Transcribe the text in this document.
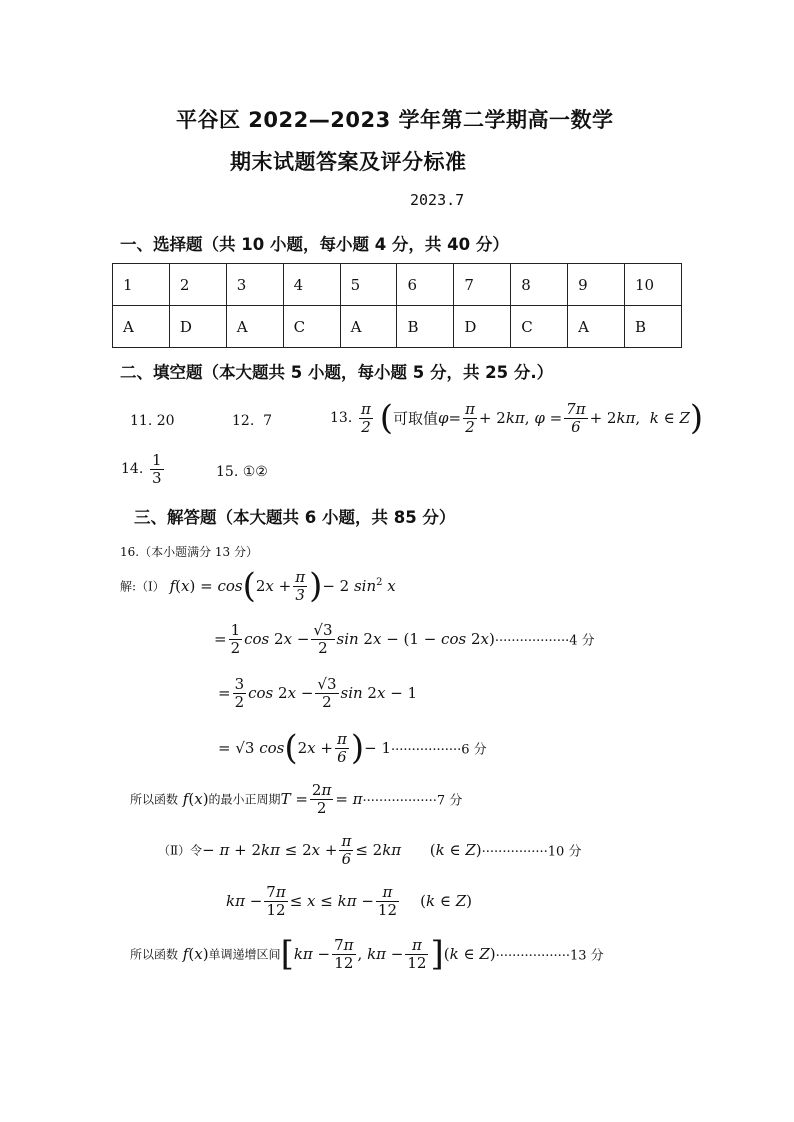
平谷区 2022—2023 学年第二学期高一数学
期末试题答案及评分标准
2023.7
一、选择题（共 10 小题，每小题 4 分，共 40 分）
1	2	3	4	5	6	7	8	9	10
A	D	A	C	A	B	D	C	A	B
二、填空题（本大题共 5 小题，每小题 5 分，共 25 分.）
11. 20	12. 7	13. $\frac{\pi}{2}$ (可取值$\varphi= \frac{\pi}{2} + 2k\pi$, $\varphi = \frac{7\pi}{6} + 2k\pi$,  k ∈ Z)
14. $\frac{1}{3}$	15. ①②
三、解答题（本大题共 6 小题，共 85 分）
16.（本小题满分 13 分）
解:（Ⅰ） $f(x) = \cos(2x + \frac{\pi}{3}$ )− 2 $\sin^2 x$
= $\frac{1}{2}$ $\cos 2x - \frac{√3}{2}$ sin 2x − (1 − cos 2x)··················4 分
= $\frac{3}{2}$ $\cos 2x - \frac{√3}{2}$ sin 2x − 1
= √3 $\cos(2x + \frac{\pi}{6}$ )− 1·················6 分
所以函数 f(x)的最小正周期$T = \frac{2\pi}{2} = \pi\cdot\cdot\cdot\cdot\cdot\cdot\cdot\cdot\cdot\cdot\cdot\cdot\cdot\cdot\cdot\cdot\cdot\cdot 7$ 分
（Ⅱ）令− $\pi + 2k\pi \le 2x + \frac{\pi}{6} \le 2k\pi$      (k ∈ Z)················10 分
$k\pi - \frac{7\pi}{12} \le x \le k\pi - \frac{\pi}{12} (k$ ∈ Z)
所以函数 f(x)单调递增区间[$k\pi - \frac{7\pi}{12}$ , $k\pi - \frac{\pi}{12} ](k$ ∈ Z)··················13 分
